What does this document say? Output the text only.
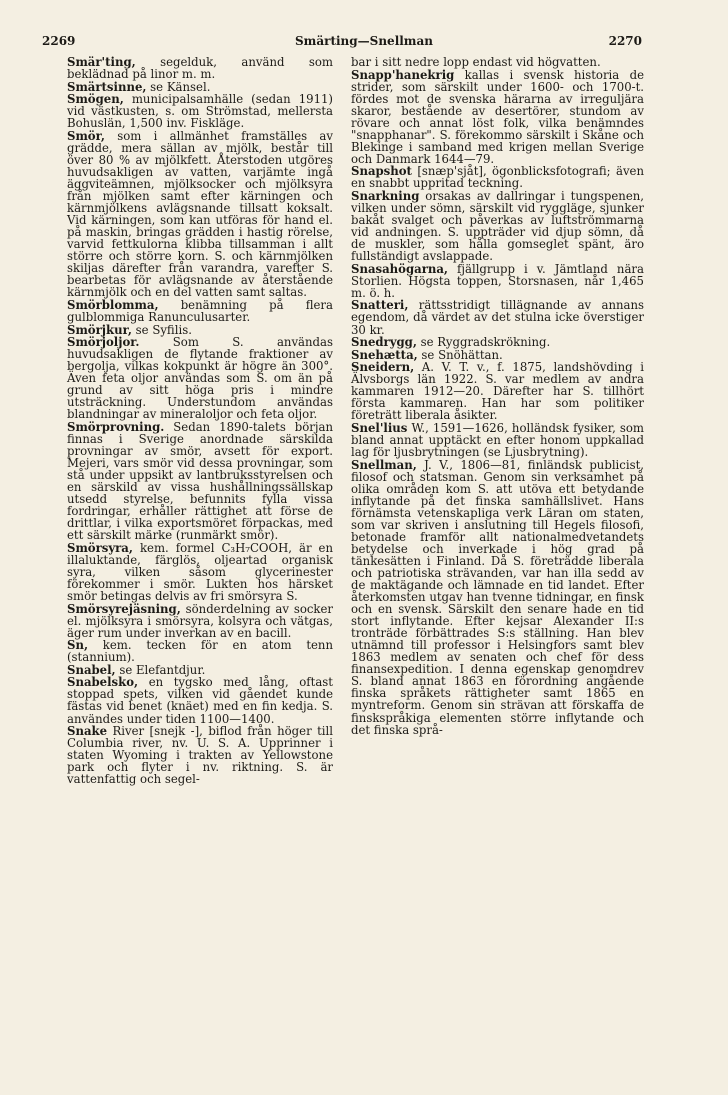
2269	Smärting—Snellman	2270

Smär'ting, segelduk, använd som beklädnad på linor m. m.

Smärtsinne, se Känsel.

Smögen, municipalsamhälle (sedan 1911) vid västkusten, s. om Strömstad, mellersta Bohuslän, 1,500 inv. Fiskläge.

Smör, som i allmänhet framställes av grädde, mera sällan av mjölk, består till över 80 % av mjölkfett. Återstoden utgöres huvudsakligen av vatten, varjämte ingå äggviteämnen, mjölksocker och mjölksyra från mjölken samt efter kärningen och kärnmjölkens avlägsnande tillsatt koksalt. Vid kärningen, som kan utföras för hand el. på maskin, bringas grädden i hastig rörelse, varvid fettkulorna klibba tillsamman i allt större och större korn. S. och kärnmjölken skiljas därefter från varandra, varefter S. bearbetas för avlägsnande av återstående kärnmjölk och en del vatten samt saltas.

Smörblomma, benämning på flera gulblommiga Ranunculusarter.

Smörjkur, se Syfilis.

Smörjoljor. Som S. användas huvudsakligen de flytande fraktioner av bergolja, vilkas kokpunkt är högre än 300°. Även feta oljor användas som S. om än på grund av sitt höga pris i mindre utsträckning. Understundom användas blandningar av mineraloljor och feta oljor.

Smörprovning. Sedan 1890-talets början finnas i Sverige anordnade särskilda provningar av smör, avsett för export. Mejeri, vars smör vid dessa provningar, som stå under uppsikt av lantbruksstyrelsen och en särskild av vissa hushållningssällskap utsedd styrelse, befunnits fylla vissa fordringar, erhåller rättighet att förse de drittlar, i vilka exportsmöret förpackas, med ett särskilt märke (runmärkt smör).

Smörsyra, kem. formel C₃H₇COOH, är en illaluktande, färglös, oljeartad organisk syra, vilken såsom glycerinester förekommer i smör. Lukten hos härsket smör betingas delvis av fri smörsyra S.

Smörsyrejäsning, sönderdelning av socker el. mjölksyra i smörsyra, kolsyra och vätgas, äger rum under inverkan av en bacill.

Sn, kem. tecken för en atom tenn (stannium).

Snabel, se Elefantdjur.

Snabelsko, en tygsko med lång, oftast stoppad spets, vilken vid gåendet kunde fästas vid benet (knäet) med en fin kedja. S. användes under tiden 1100—1400.

Snake River [snejk -], biflod från höger till Columbia river, nv. U. S. A. Upprinner i staten Wyoming i trakten av Yellowstone park och flyter i nv. riktning. S. är vattenfattig och segel-

bar i sitt nedre lopp endast vid högvatten.

Snapp'hanekrig kallas i svensk historia de strider, som särskilt under 1600- och 1700-t. fördes mot de svenska härarna av irreguljära skaror, bestående av desertörer, stundom av rövare och annat löst folk, vilka benämndes "snapphanar". S. förekommo särskilt i Skåne och Blekinge i samband med krigen mellan Sverige och Danmark 1644—79.

Snapshot [snæp'sjåt], ögonblicksfotografi; även en snabbt uppritad teckning.

Snarkning orsakas av dallringar i tungspenen, vilken under sömn, särskilt vid ryggläge, sjunker bakåt svalget och påverkas av luftströmmarna vid andningen. S. uppträder vid djup sömn, då de muskler, som hålla gomseglet spänt, äro fullständigt avslappade.

Snasahögarna, fjällgrupp i v. Jämtland nära Storlien. Högsta toppen, Storsnasen, når 1,465 m. ö. h.

Snatteri, rättsstridigt tillägnande av annans egendom, då värdet av det stulna icke överstiger 30 kr.

Snedrygg, se Ryggradskrökning.

Snehætta, se Snöhättan.

Sneidern, A. V. T. v., f. 1875, landshövding i Älvsborgs län 1922. S. var medlem av andra kammaren 1912—20. Därefter har S. tillhört första kammaren. Han har som politiker företrätt liberala åsikter.

Snel'lius W., 1591—1626, holländsk fysiker, som bland annat upptäckt en efter honom uppkallad lag för ljusbrytningen (se Ljusbrytning).

Snellman, J. V., 1806—81, finländsk publicist, filosof och statsman. Genom sin verksamhet på olika områden kom S. att utöva ett betydande inflytande på det finska samhällslivet. Hans förnämsta vetenskapliga verk Läran om staten, som var skriven i anslutning till Hegels filosofi, betonade framför allt nationalmedvetandets betydelse och inverkade i hög grad på tänkesätten i Finland. Då S. företrädde liberala och patriotiska strävanden, var han illa sedd av de maktägande och lämnade en tid landet. Efter återkomsten utgav han tvenne tidningar, en finsk och en svensk. Särskilt den senare hade en tid stort inflytande. Efter kejsar Alexander II:s tronträde förbättrades S:s ställning. Han blev utnämnd till professor i Helsingfors samt blev 1863 medlem av senaten och chef för dess finansexpedition. I denna egenskap genomdrev S. bland annat 1863 en förordning angående finska språkets rättigheter samt 1865 en myntreform. Genom sin strävan att förskaffa de finskspråkiga elementen större inflytande och det finska språ-
